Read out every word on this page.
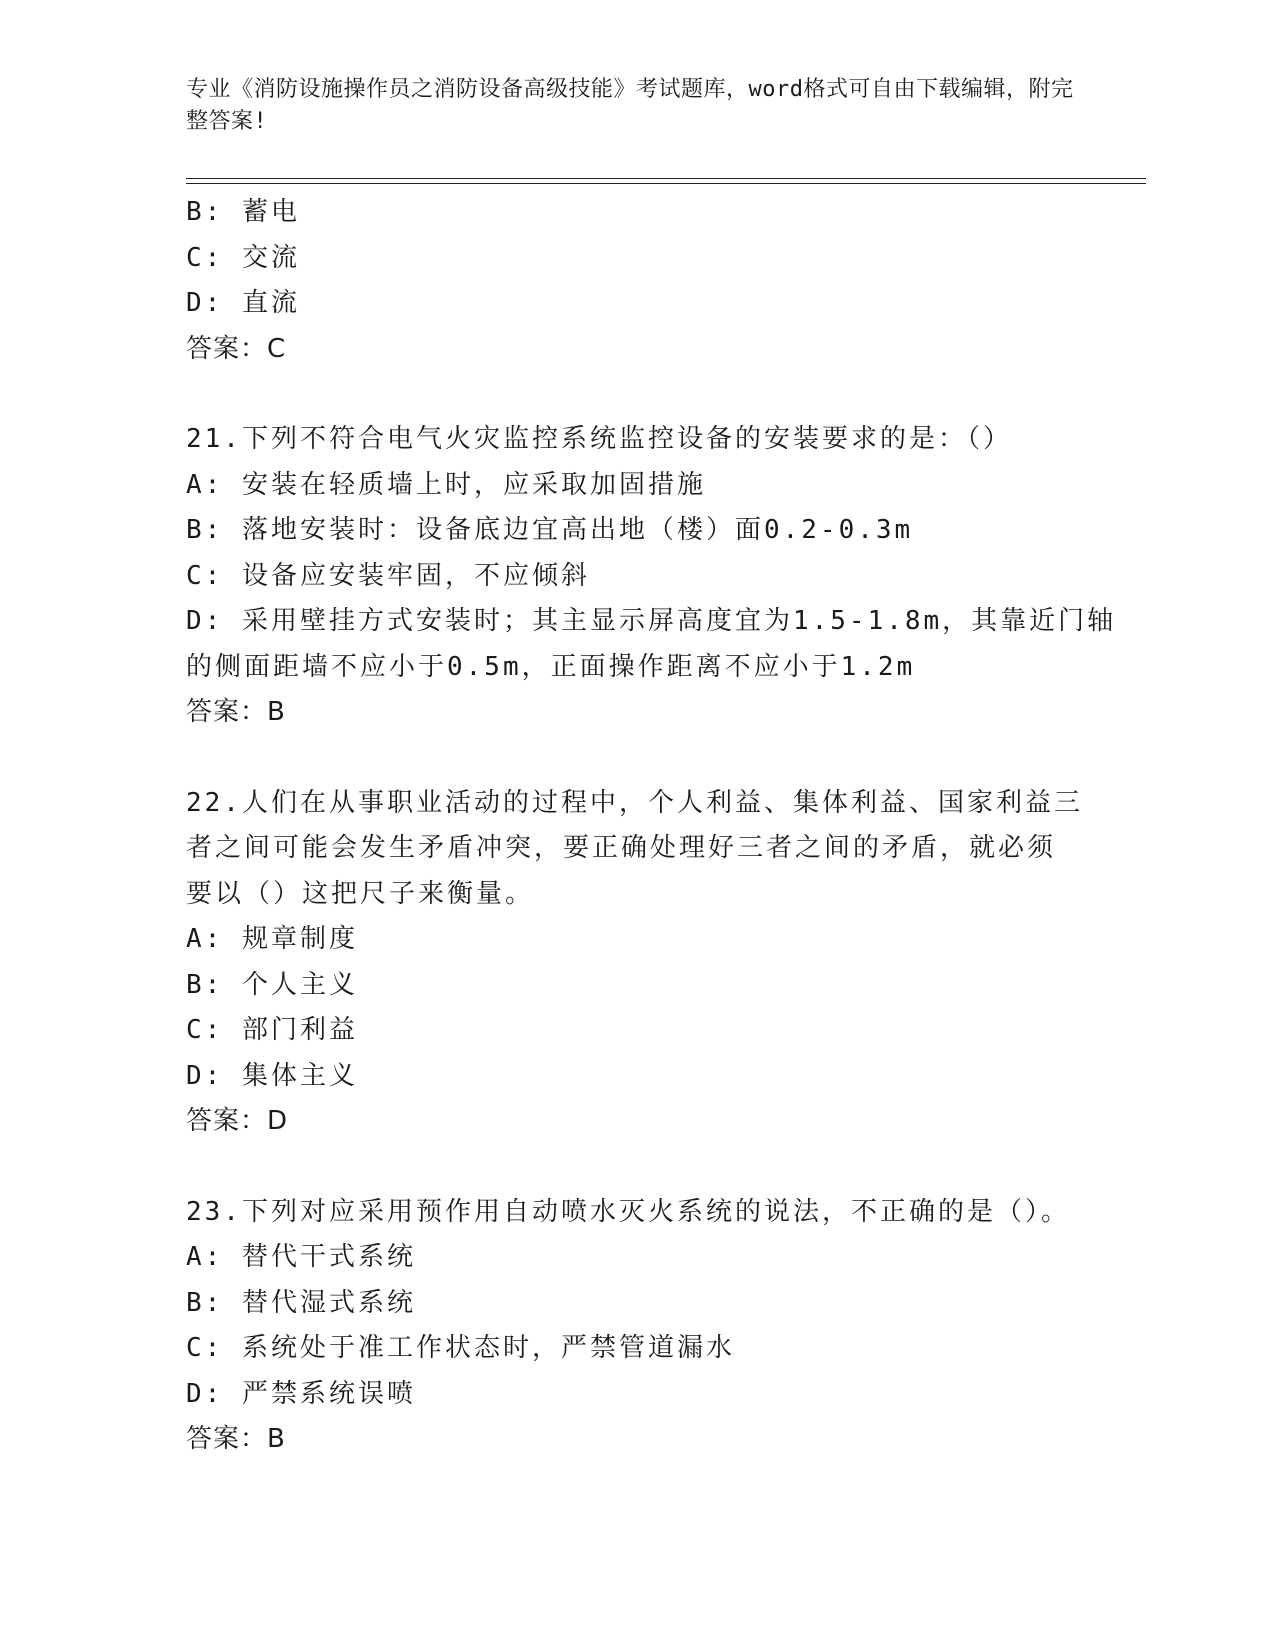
专业《消防设施操作员之消防设备高级技能》考试题库，word格式可自由下载编辑，附完整答案!
B: 蓄电
C: 交流
D: 直流
答案：C
21.下列不符合电气火灾监控系统监控设备的安装要求的是：（）
A: 安装在轻质墙上时，应采取加固措施
B: 落地安装时：设备底边宜高出地（楼）面0.2-0.3m
C: 设备应安装牢固，不应倾斜
D: 采用壁挂方式安装时；其主显示屏高度宜为1.5-1.8m，其靠近门轴
的侧面距墙不应小于0.5m，正面操作距离不应小于1.2m
答案：B
22.人们在从事职业活动的过程中，个人利益、集体利益、国家利益三
者之间可能会发生矛盾冲突，要正确处理好三者之间的矛盾，就必须
要以（）这把尺子来衡量。
A: 规章制度
B: 个人主义
C: 部门利益
D: 集体主义
答案：D
23.下列对应采用预作用自动喷水灭火系统的说法，不正确的是（）。
A: 替代干式系统
B: 替代湿式系统
C: 系统处于准工作状态时，严禁管道漏水
D: 严禁系统误喷
答案：B
